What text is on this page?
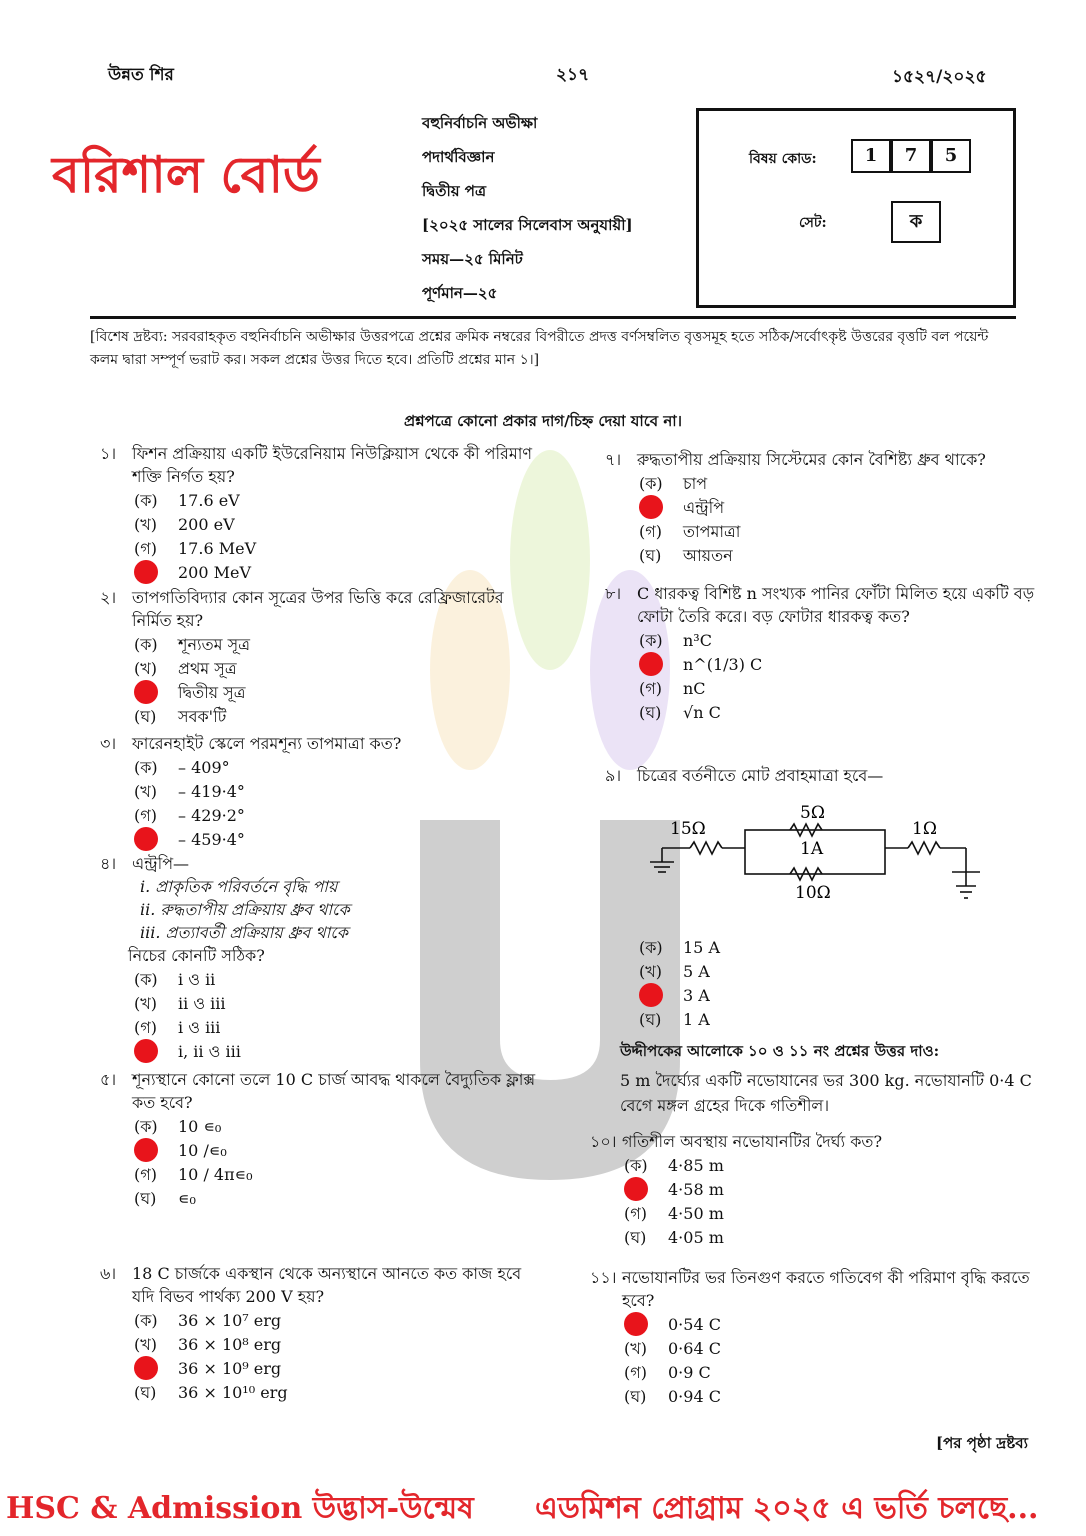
উন্নত শির	২১৭	১৫২৭/২০২৫
বরিশাল বোর্ড
বহুনির্বাচনি অভীক্ষা
পদার্থবিজ্ঞান
দ্বিতীয় পত্র
[২০২৫ সালের সিলেবাস অনুযায়ী]
সময়—২৫ মিনিট
পূর্ণমান—২৫
বিষয় কোড:	1	7	5
সেট:	ক
[বিশেষ দ্রষ্টব্য: সরবরাহকৃত বহুনির্বাচনি অভীক্ষার উত্তরপত্রে প্রশ্নের ক্রমিক নম্বরের বিপরীতে প্রদত্ত বর্ণসম্বলিত বৃত্তসমূহ হতে সঠিক/সর্বোৎকৃষ্ট উত্তরের বৃত্তটি বল পয়েন্ট কলম দ্বারা সম্পূর্ণ ভরাট কর। সকল প্রশ্নের উত্তর দিতে হবে। প্রতিটি প্রশ্নের মান ১।]
প্রশ্নপত্রে কোনো প্রকার দাগ/চিহ্ন দেয়া যাবে না।
১। ফিশন প্রক্রিয়ায় একটি ইউরেনিয়াম নিউক্লিয়াস থেকে কী পরিমাণ শক্তি নির্গত হয়?
(ক)	17.6 eV
(খ)	200 eV
(গ)	17.6 MeV
200 MeV
২। তাপগতিবিদ্যার কোন সূত্রের উপর ভিত্তি করে রেফ্রিজারেটর নির্মিত হয়?
(ক)	শূন্যতম সূত্র
(খ)	প্রথম সূত্র
দ্বিতীয় সূত্র
(ঘ)	সবক'টি
৩। ফারেনহাইট স্কেলে পরমশূন্য তাপমাত্রা কত?
(ক)	– 409°
(খ)	– 419·4°
(গ)	– 429·2°
– 459·4°
৪। এন্ট্রপি—
i. প্রাকৃতিক পরিবর্তনে বৃদ্ধি পায়
ii. রুদ্ধতাপীয় প্রক্রিয়ায় ধ্রুব থাকে
iii. প্রত্যাবর্তী প্রক্রিয়ায় ধ্রুব থাকে
নিচের কোনটি সঠিক?
(ক)	i ও ii
(খ)	ii ও iii
(গ)	i ও iii
i, ii ও iii
৫। শূন্যস্থানে কোনো তলে 10 C চার্জ আবদ্ধ থাকলে বৈদ্যুতিক ফ্লাক্স কত হবে?
(ক)	10 ∊₀
10 /∊₀
(গ)	10 / 4π∊₀
(ঘ)	∊₀
৬। 18 C চার্জকে একস্থান থেকে অন্যস্থানে আনতে কত কাজ হবে যদি বিভব পার্থক্য 200 V হয়?
(ক)	36 × 10⁷ erg
(খ)	36 × 10⁸ erg
36 × 10⁹ erg
(ঘ)	36 × 10¹⁰ erg
৭। রুদ্ধতাপীয় প্রক্রিয়ায় সিস্টেমের কোন বৈশিষ্ট্য ধ্রুব থাকে?
(ক)	চাপ
এন্ট্রপি
(গ)	তাপমাত্রা
(ঘ)	আয়তন
৮। C ধারকত্ব বিশিষ্ট n সংখ্যক পানির ফোঁটা মিলিত হয়ে একটি বড় ফোটা তৈরি করে। বড় ফোটার ধারকত্ব কত?
(ক)	n³C
n^(1/3) C
(গ)	nC
(ঘ)	√n C
৯। চিত্রের বর্তনীতে মোট প্রবাহমাত্রা হবে—
(ক)	15 A
(খ)	5 A
3 A
(ঘ)	1 A
১০। গতিশীল অবস্থায় নভোযানটির দৈর্ঘ্য কত?
(ক)	4·85 m
4·58 m
(গ)	4·50 m
(ঘ)	4·05 m
১১। নভোযানটির ভর তিনগুণ করতে গতিবেগ কী পরিমাণ বৃদ্ধি করতে হবে?
0·54 C
(খ)	0·64 C
(গ)	0·9 C
(ঘ)	0·94 C
15Ω
5Ω
1A
10Ω
1Ω
উদ্দীপকের আলোকে ১০ ও ১১ নং প্রশ্নের উত্তর দাও:
5 m দৈর্ঘ্যের একটি নভোযানের ভর 300 kg. নভোযানটি 0·4 C বেগে মঙ্গল গ্রহের দিকে গতিশীল।
[পর পৃষ্ঠা দ্রষ্টব্য
HSC & Admission উদ্ভাস-উন্মেষ এডমিশন প্রোগ্রাম ২০২৫ এ ভর্তি চলছে...
